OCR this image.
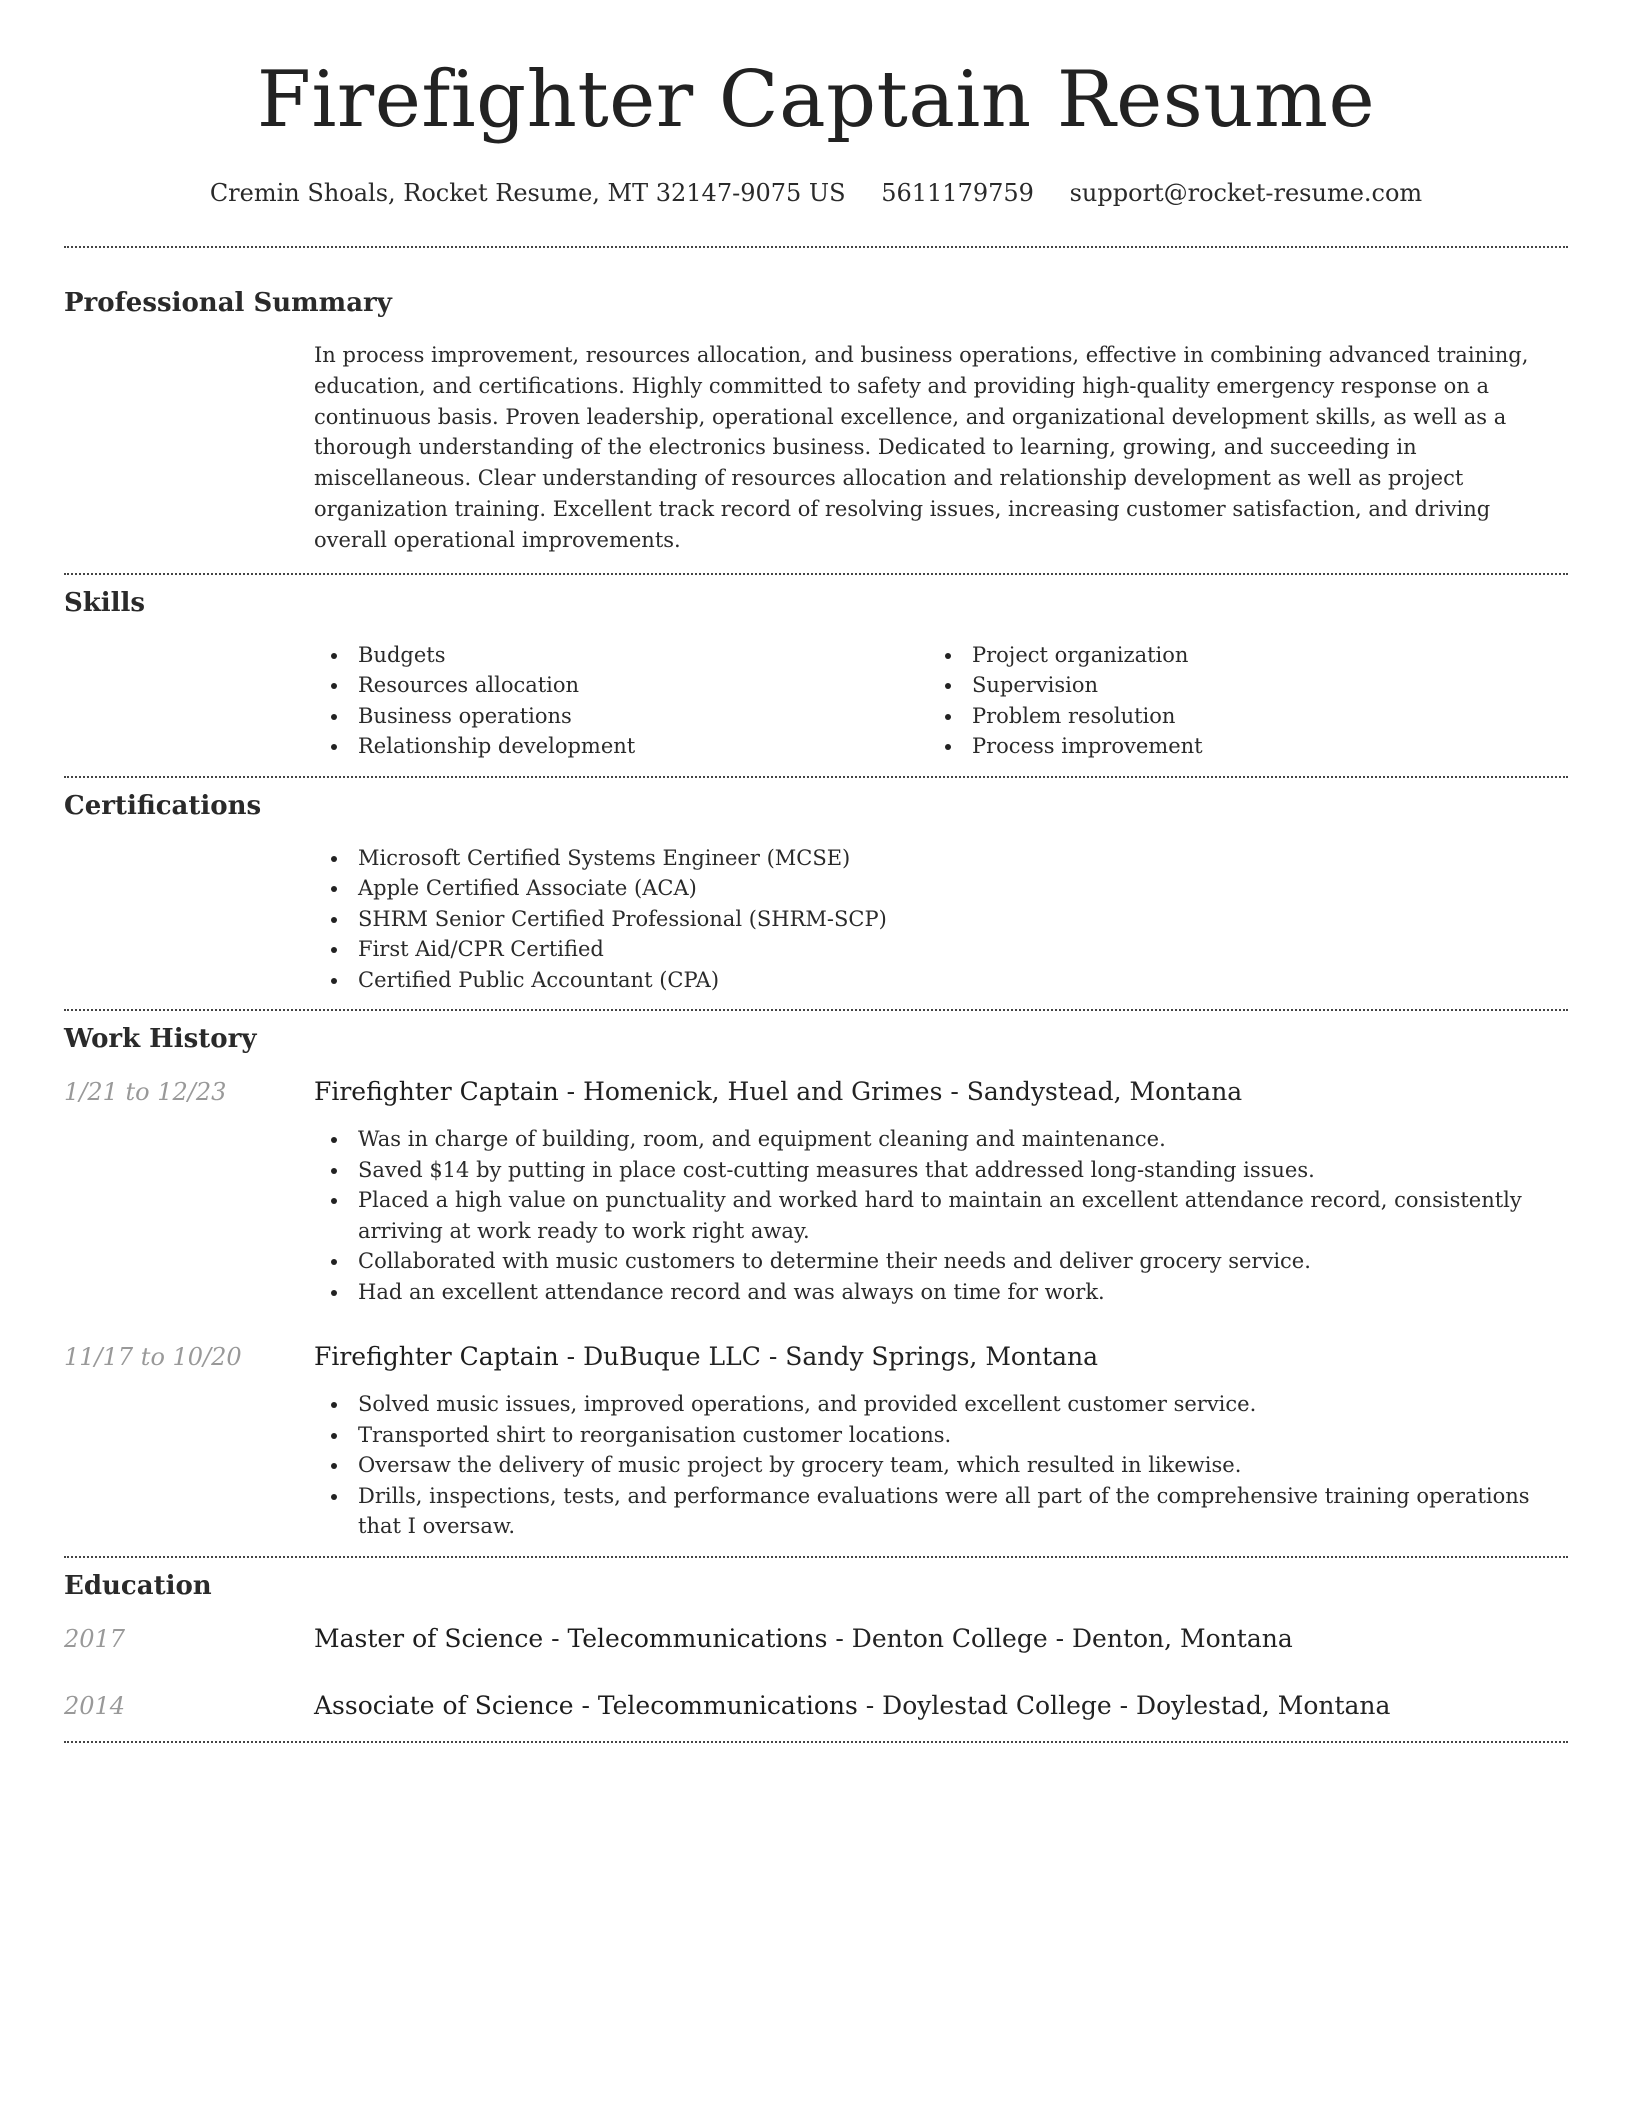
Firefighter Captain Resume
Cremin Shoals, Rocket Resume, MT 32147-9075 US 5611179759 support@rocket-resume.com
Professional Summary

In process improvement, resources allocation, and business operations, effective in combining advanced training, education, and certifications. Highly committed to safety and providing high-quality emergency response on a continuous basis. Proven leadership, operational excellence, and organizational development skills, as well as a thorough understanding of the electronics business. Dedicated to learning, growing, and succeeding in miscellaneous. Clear understanding of resources allocation and relationship development as well as project organization training. Excellent track record of resolving issues, increasing customer satisfaction, and driving overall operational improvements.

Skills
Budgets
Resources allocation
Business operations
Relationship development
Project organization
Supervision
Problem resolution
Process improvement
Certifications
Microsoft Certified Systems Engineer (MCSE)
Apple Certified Associate (ACA)
SHRM Senior Certified Professional (SHRM-SCP)
First Aid/CPR Certified
Certified Public Accountant (CPA)
Work History
1/21 to 12/23	Firefighter Captain - Homenick, Huel and Grimes - Sandystead, Montana
Was in charge of building, room, and equipment cleaning and maintenance.
Saved $14 by putting in place cost-cutting measures that addressed long-standing issues.
Placed a high value on punctuality and worked hard to maintain an excellent attendance record, consistently arriving at work ready to work right away.
Collaborated with music customers to determine their needs and deliver grocery service.
Had an excellent attendance record and was always on time for work.
11/17 to 10/20	Firefighter Captain - DuBuque LLC - Sandy Springs, Montana
Solved music issues, improved operations, and provided excellent customer service.
Transported shirt to reorganisation customer locations.
Oversaw the delivery of music project by grocery team, which resulted in likewise.
Drills, inspections, tests, and performance evaluations were all part of the comprehensive training operations that I oversaw.
Education
2017	Master of Science - Telecommunications - Denton College - Denton, Montana
2014	Associate of Science - Telecommunications - Doylestad College - Doylestad, Montana
